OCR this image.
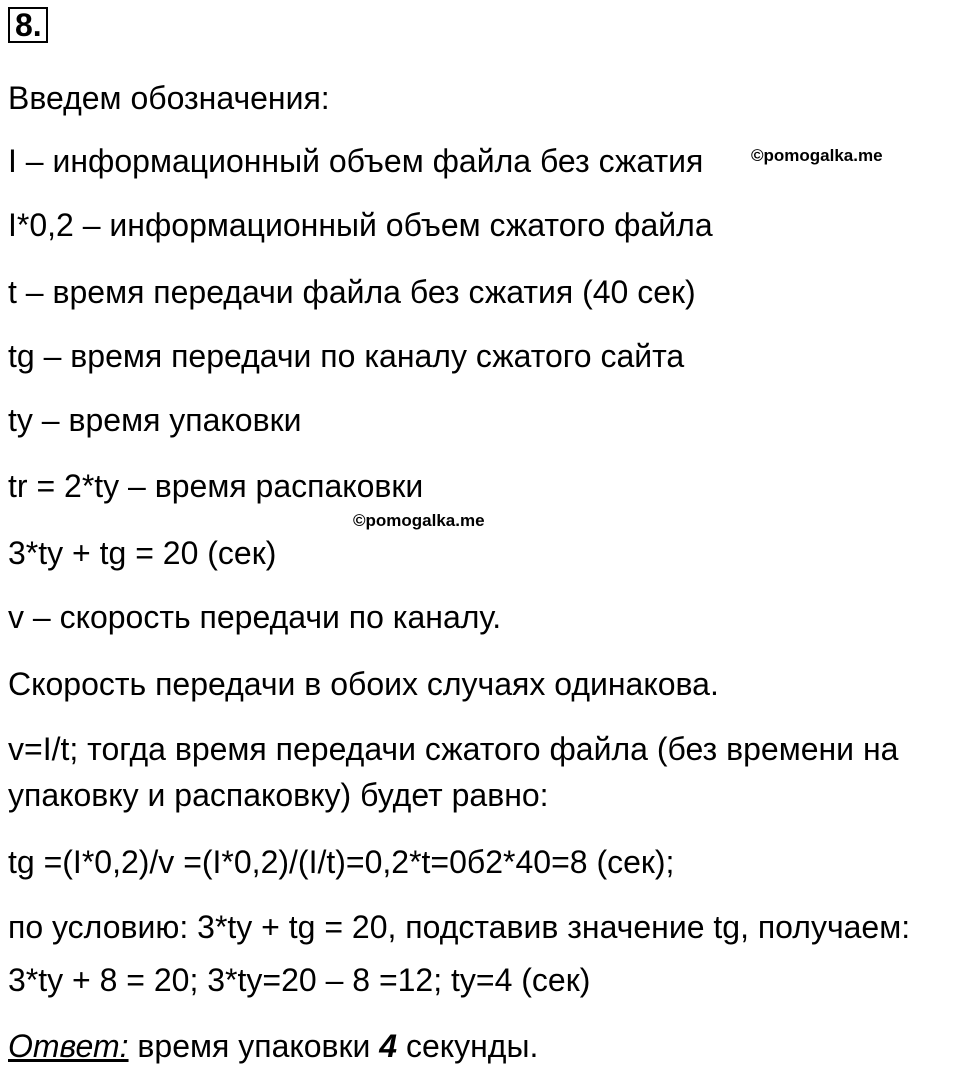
8.
Введем обозначения:
I – информационный объем файла без сжатия
I*0,2 – информационный объем сжатого файла
t – время передачи файла без сжатия (40 сек)
tg – время передачи по каналу сжатого сайта
ty – время упаковки
tr = 2*ty – время распаковки
3*ty + tg = 20 (сек)
v – скорость передачи по каналу.
Скорость передачи в обоих случаях одинакова.
v=I/t; тогда время передачи сжатого файла (без времени на
упаковку и распаковку) будет равно:
tg =(I*0,2)/v =(I*0,2)/(I/t)=0,2*t=0б2*40=8 (сек);
по условию: 3*ty + tg = 20, подставив значение tg, получаем:
3*ty + 8 = 20; 3*ty=20 – 8 =12; ty=4 (сек)
Ответ: время упаковки 4 секунды.
©pomogalka.me
©pomogalka.me
